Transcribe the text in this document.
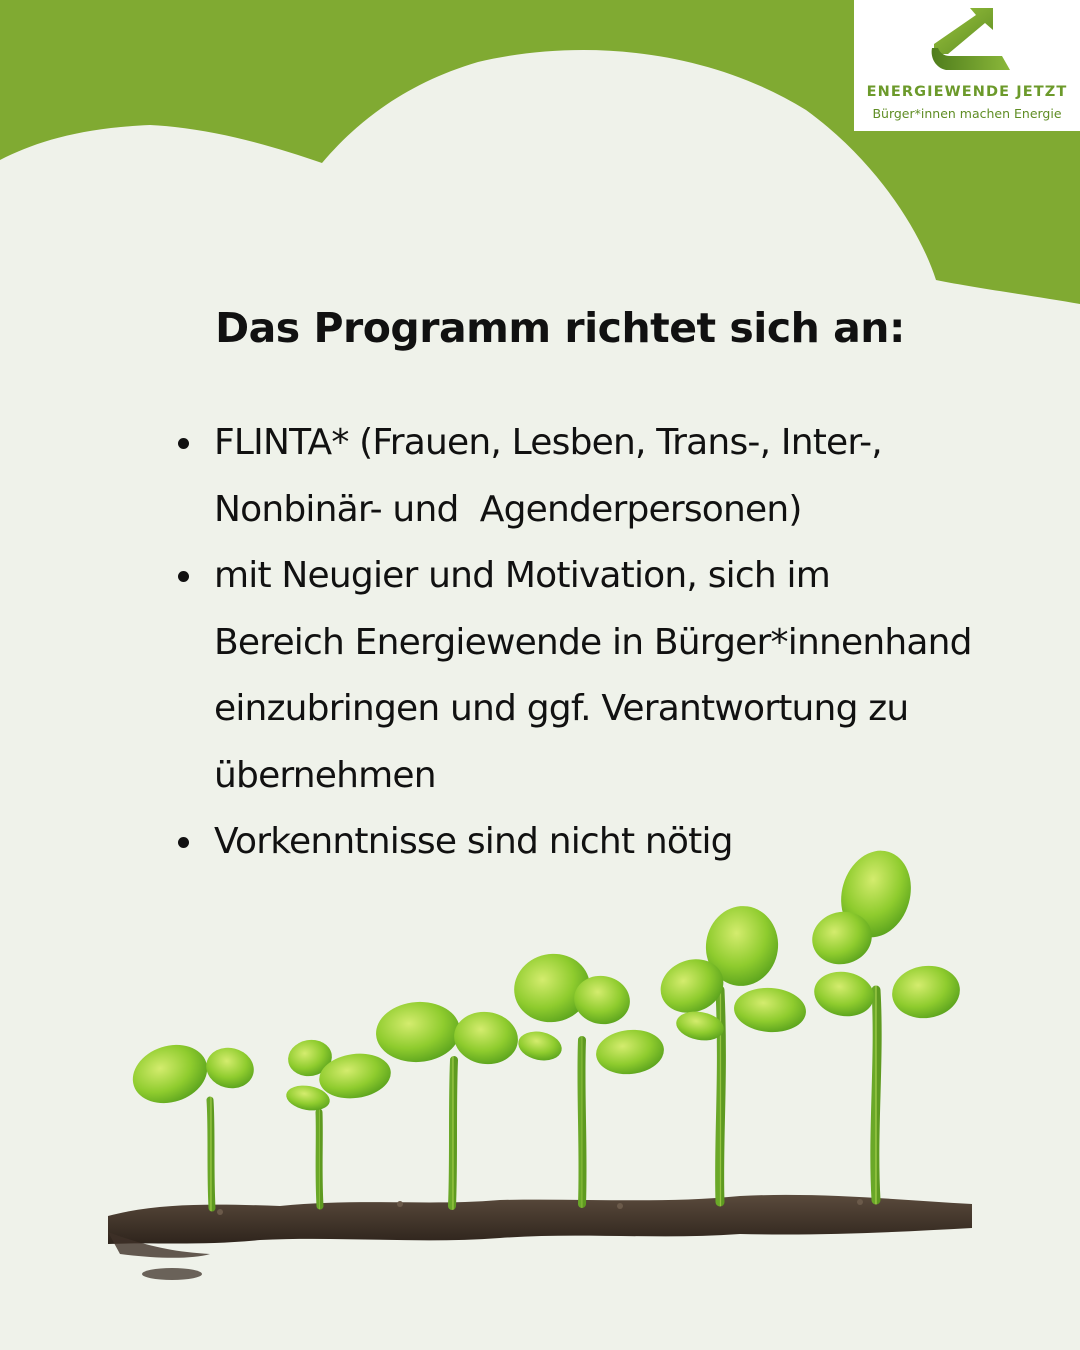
ENERGIEWENDE JETZT
Bürger*innen machen Energie
Das Programm richtet sich an:
FLINTA* (Frauen, Lesben, Trans-, Inter-,
Nonbinär- und  Agenderpersonen)
mit Neugier und Motivation, sich im
Bereich Energiewende in Bürger*innenhand
einzubringen und ggf. Verantwortung zu
übernehmen
Vorkenntnisse sind nicht nötig
